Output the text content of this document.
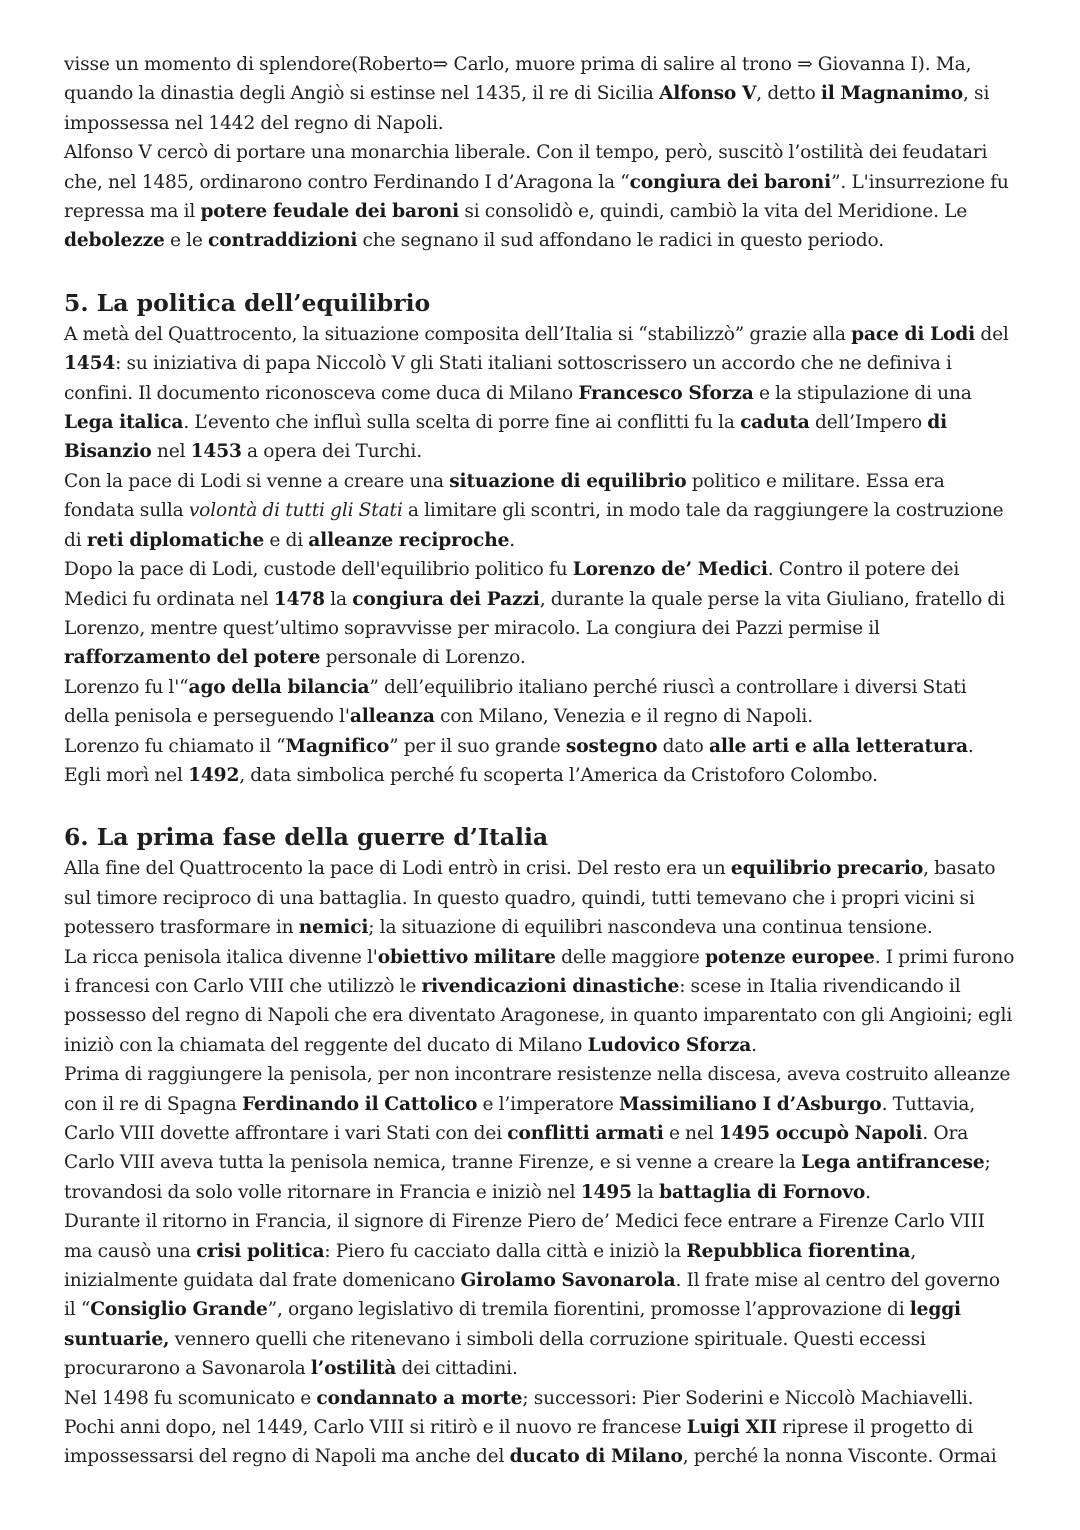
visse un momento di splendore(Roberto⇒ Carlo, muore prima di salire al trono ⇒ Giovanna I). Ma, quando la dinastia degli Angiò si estinse nel 1435, il re di Sicilia Alfonso V, detto il Magnanimo, si impossessa nel 1442 del regno di Napoli.

Alfonso V cercò di portare una monarchia liberale. Con il tempo, però, suscitò l’ostilità dei feudatari che, nel 1485, ordinarono contro Ferdinando I d’Aragona la “congiura dei baroni”. L'insurrezione fu repressa ma il potere feudale dei baroni si consolidò e, quindi, cambiò la vita del Meridione. Le debolezze e le contraddizioni che segnano il sud affondano le radici in questo periodo.

5. La politica dell’equilibrio

A metà del Quattrocento, la situazione composita dell’Italia si “stabilizzò” grazie alla pace di Lodi del 1454: su iniziativa di papa Niccolò V gli Stati italiani sottoscrissero un accordo che ne definiva i confini. Il documento riconosceva come duca di Milano Francesco Sforza e la stipulazione di una Lega italica. L’evento che influì sulla scelta di porre fine ai conflitti fu la caduta dell’Impero di Bisanzio nel 1453 a opera dei Turchi.

Con la pace di Lodi si venne a creare una situazione di equilibrio politico e militare. Essa era fondata sulla volontà di tutti gli Stati a limitare gli scontri, in modo tale da raggiungere la costruzione di reti diplomatiche e di alleanze reciproche.

Dopo la pace di Lodi, custode dell'equilibrio politico fu Lorenzo de’ Medici. Contro il potere dei Medici fu ordinata nel 1478 la congiura dei Pazzi, durante la quale perse la vita Giuliano, fratello di Lorenzo, mentre quest’ultimo sopravvisse per miracolo. La congiura dei Pazzi permise il rafforzamento del potere personale di Lorenzo.

Lorenzo fu l'“ago della bilancia” dell’equilibrio italiano perché riuscì a controllare i diversi Stati della penisola e perseguendo l'alleanza con Milano, Venezia e il regno di Napoli.

Lorenzo fu chiamato il “Magnifico” per il suo grande sostegno dato alle arti e alla letteratura.

Egli morì nel 1492, data simbolica perché fu scoperta l’America da Cristoforo Colombo.

6. La prima fase della guerre d’Italia

Alla fine del Quattrocento la pace di Lodi entrò in crisi. Del resto era un equilibrio precario, basato sul timore reciproco di una battaglia. In questo quadro, quindi, tutti temevano che i propri vicini si potessero trasformare in nemici; la situazione di equilibri nascondeva una continua tensione.

La ricca penisola italica divenne l'obiettivo militare delle maggiore potenze europee. I primi furono i francesi con Carlo VIII che utilizzò le rivendicazioni dinastiche: scese in Italia rivendicando il possesso del regno di Napoli che era diventato Aragonese, in quanto imparentato con gli Angioini; egli iniziò con la chiamata del reggente del ducato di Milano Ludovico Sforza.

Prima di raggiungere la penisola, per non incontrare resistenze nella discesa, aveva costruito alleanze con il re di Spagna Ferdinando il Cattolico e l’imperatore Massimiliano I d’Asburgo. Tuttavia, Carlo VIII dovette affrontare i vari Stati con dei conflitti armati e nel 1495 occupò Napoli. Ora Carlo VIII aveva tutta la penisola nemica, tranne Firenze, e si venne a creare la Lega antifrancese; trovandosi da solo volle ritornare in Francia e iniziò nel 1495 la battaglia di Fornovo.

Durante il ritorno in Francia, il signore di Firenze Piero de’ Medici fece entrare a Firenze Carlo VIII ma causò una crisi politica: Piero fu cacciato dalla città e iniziò la Repubblica fiorentina, inizialmente guidata dal frate domenicano Girolamo Savonarola. Il frate mise al centro del governo il “Consiglio Grande”, organo legislativo di tremila fiorentini, promosse l’approvazione di leggi suntuarie, vennero quelli che ritenevano i simboli della corruzione spirituale. Questi eccessi procurarono a Savonarola l’ostilità dei cittadini.

Nel 1498 fu scomunicato e condannato a morte; successori: Pier Soderini e Niccolò Machiavelli.

Pochi anni dopo, nel 1449, Carlo VIII si ritirò e il nuovo re francese Luigi XII riprese il progetto di impossessarsi del regno di Napoli ma anche del ducato di Milano, perché la nonna Visconte. Ormai
